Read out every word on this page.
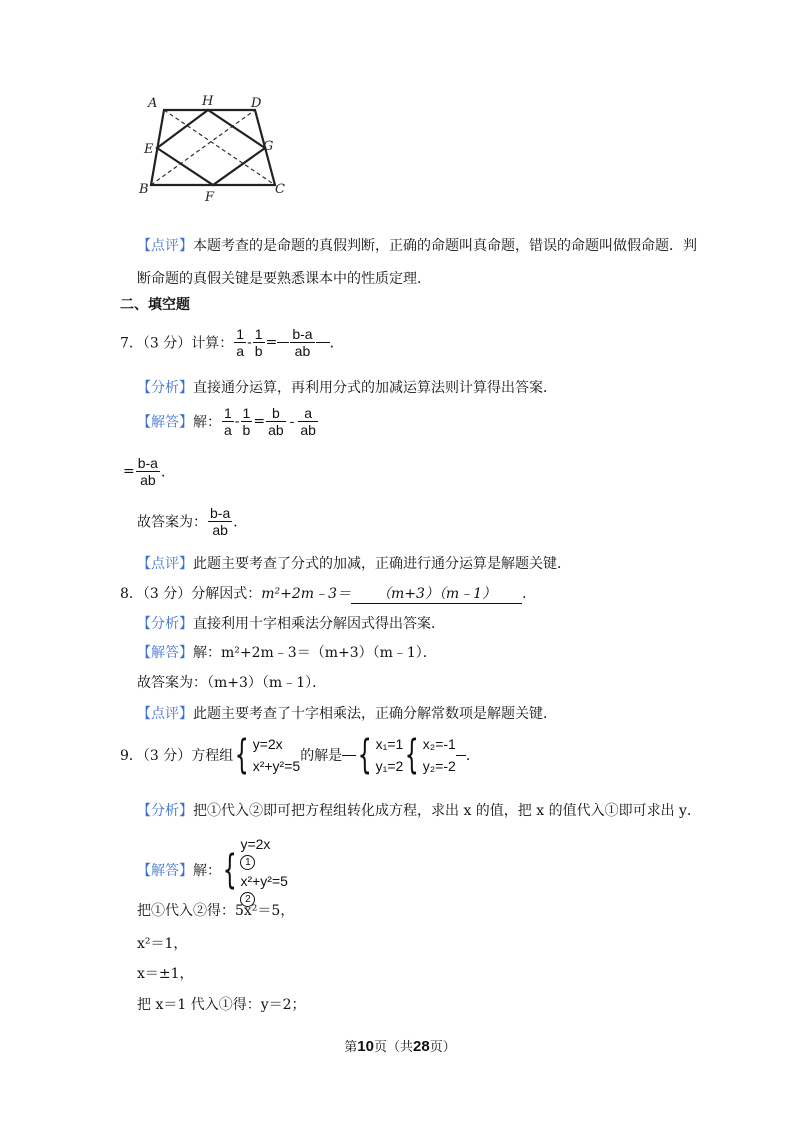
A	H	D
E	G
B
F
C
【点评】本题考查的是命题的真假判断，正确的命题叫真命题，错误的命题叫做假命题．判
断命题的真假关键是要熟悉课本中的性质定理．
二、填空题
7．（3 分）计算： $\frac{1}{a} - \frac{1}{b} = \frac{b-a}{ab}$ ．
【分析】直接通分运算，再利用分式的加减运算法则计算得出答案．
【解答】解： $\frac{1}{a} - \frac{1}{b} = \frac{b}{ab} - \frac{a}{ab}$
= $\frac{b-a}{ab}$ ．
故答案为： $\frac{b-a}{ab}$ ．
【点评】此题主要考查了分式的加减，正确进行通分运算是解题关键．
8．（3 分）分解因式：m²+2m﹣3＝ （m+3）（m﹣1） ．
【分析】直接利用十字相乘法分解因式得出答案．
【解答】解：m²+2m﹣3＝（m+3）（m﹣1）．
故答案为：（m+3）（m﹣1）．
【点评】此题主要考查了十字相乘法，正确分解常数项是解题关键．
9．（3 分）方程组{ y=2x
x²+y²=5
的解是 { x₁=1
y₁=2 { x₂=-1
y₂=-2
．
【分析】把①代入②即可把方程组转化成方程，求出 x 的值，把 x 的值代入①即可求出 y．
【解答】解：{
y=2x
1
x²+y²=5
2
把①代入②得：5x²＝5，
x²＝1，
x＝±1，
把 x＝1 代入①得：y＝2；
第10页（共28页）
